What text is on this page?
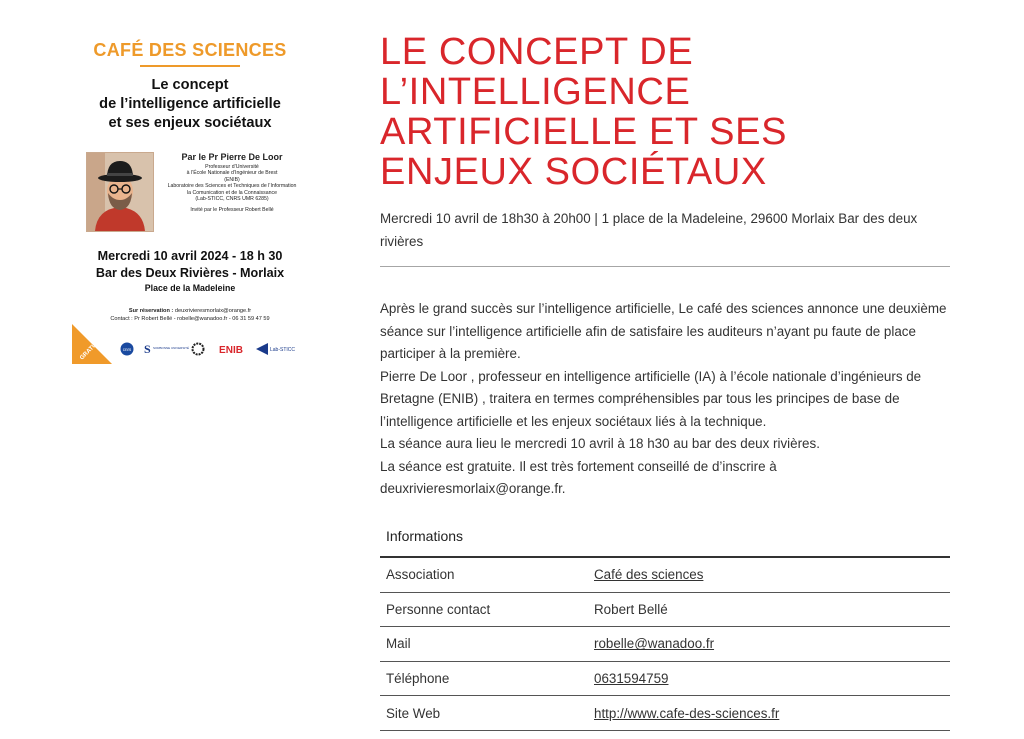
CAFÉ DES SCIENCES
Le concept
de l’intelligence artificielle
et ses enjeux sociétaux
Par le Pr Pierre De Loor
Professeur d’Université
à l’École Nationale d’Ingénieur de Brest
(ENIB)
Laboratoire des Sciences et Techniques de l’Information
la Comunication et de la Connaissance
(Lab-STICC, CNRS UMR 6285)
Invité par le Professeur Robert Bellé
Mercredi 10 avril 2024 - 18 h 30
Bar des Deux Rivières - Morlaix
Place de la Madeleine
Sur réservation : deuxrivieresmorlaix@orange.fr
Contact : Pr Robert Bellé - robelle@wanadoo.fr - 06 31 59 47 59
GRATUIT	cnrs S SORBONNE UNIVERSITÉ	ENIB	Lab-STICC
LE CONCEPT DE
L’INTELLIGENCE
ARTIFICIELLE ET SES
ENJEUX SOCIÉTAUX
Mercredi 10 avril de 18h30 à 20h00 | 1 place de la Madeleine, 29600 Morlaix Bar des deux rivières

Après le grand succès sur l’intelligence artificielle, Le café des sciences annonce une deuxième séance sur l’intelligence artificielle afin de satisfaire les auditeurs n’ayant pu faute de place participer à la première.

Pierre De Loor , professeur en intelligence artificielle (IA) à l’école nationale d’ingénieurs de Bretagne (ENIB) , traitera en termes compréhensibles par tous les principes de base de l’intelligence artificielle et les enjeux sociétaux liés à la technique.

La séance aura lieu le mercredi 10 avril à 18 h30 au bar des deux rivières.

La séance est gratuite. Il est très fortement conseillé de d’inscrire à deuxrivieresmorlaix@orange.fr.

Informations
Association	Café des sciences
Personne contact	Robert Bellé
Mail	robelle@wanadoo.fr
Téléphone	0631594759
Site Web	http://www.cafe-des-sciences.fr
